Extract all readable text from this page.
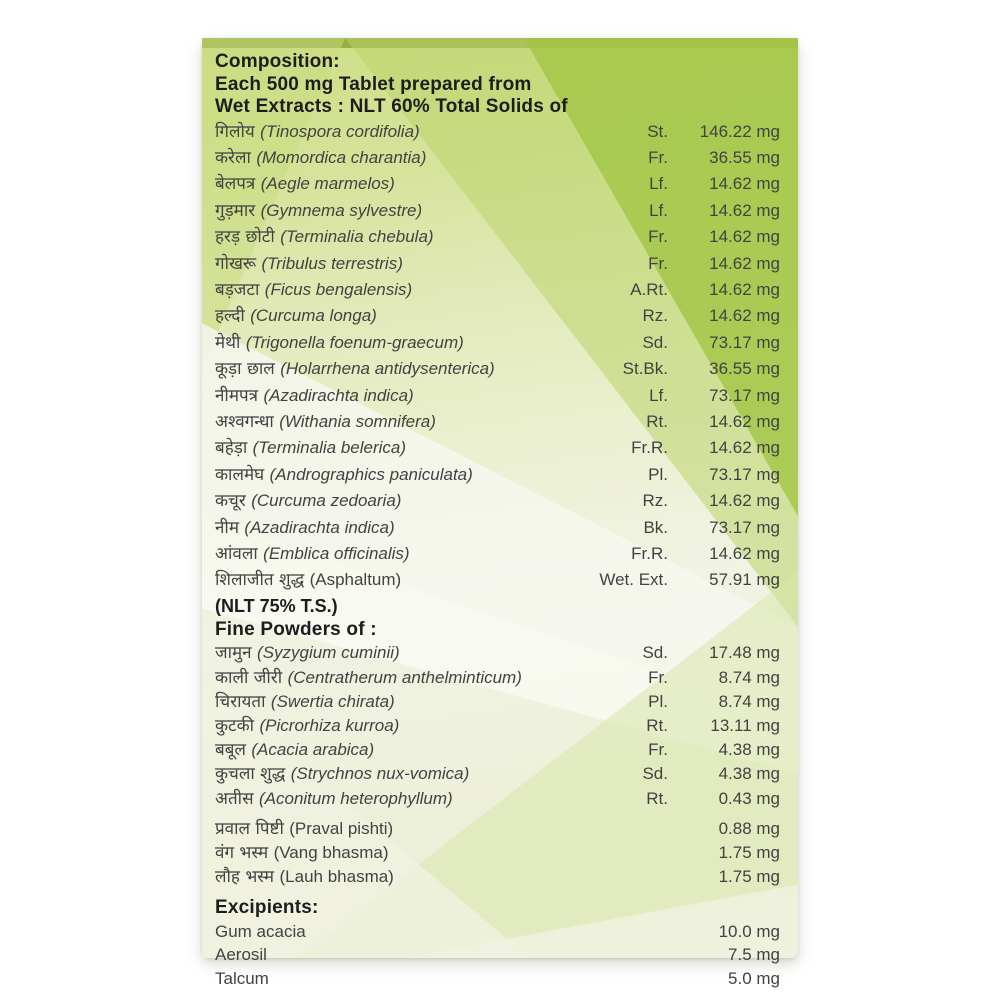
Composition:
Each 500 mg Tablet prepared from
Wet Extracts : NLT 60% Total Solids of
गिलोय (Tinospora cordifolia)	St.	146.22 mg
करेला (Momordica charantia)	Fr.	36.55 mg
बेलपत्र (Aegle marmelos)	Lf.	14.62 mg
गुड़मार (Gymnema sylvestre)	Lf.	14.62 mg
हरड़ छोटी (Terminalia chebula)	Fr.	14.62 mg
गोखरू (Tribulus terrestris)	Fr.	14.62 mg
बड़जटा (Ficus bengalensis)	A.Rt.	14.62 mg
हल्दी (Curcuma longa)	Rz.	14.62 mg
मेथी (Trigonella foenum-graecum)	Sd.	73.17 mg
कूड़ा छाल (Holarrhena antidysenterica)	St.Bk.	36.55 mg
नीमपत्र (Azadirachta indica)	Lf.	73.17 mg
अश्वगन्धा (Withania somnifera)	Rt.	14.62 mg
बहेड़ा (Terminalia belerica)	Fr.R.	14.62 mg
कालमेघ (Andrographics paniculata)	Pl.	73.17 mg
कचूर (Curcuma zedoaria)	Rz.	14.62 mg
नीम (Azadirachta indica)	Bk.	73.17 mg
आंवला (Emblica officinalis)	Fr.R.	14.62 mg
शिलाजीत शुद्ध (Asphaltum)	Wet. Ext.	57.91 mg
(NLT 75% T.S.)
Fine Powders of :
जामुन (Syzygium cuminii)	Sd.	17.48 mg
काली जीरी (Centratherum anthelminticum)	Fr.	8.74 mg
चिरायता (Swertia chirata)	Pl.	8.74 mg
कुटकी (Picrorhiza kurroa)	Rt.	13.11 mg
बबूल (Acacia arabica)	Fr.	4.38 mg
कुचला शुद्ध (Strychnos nux-vomica)	Sd.	4.38 mg
अतीस (Aconitum heterophyllum)	Rt.	0.43 mg
प्रवाल पिष्टी (Praval pishti)	0.88 mg
वंग भस्म (Vang bhasma)	1.75 mg
लौह भस्म (Lauh bhasma)	1.75 mg
Excipients:
Gum acacia	10.0 mg
Aerosil	7.5 mg
Talcum	5.0 mg
